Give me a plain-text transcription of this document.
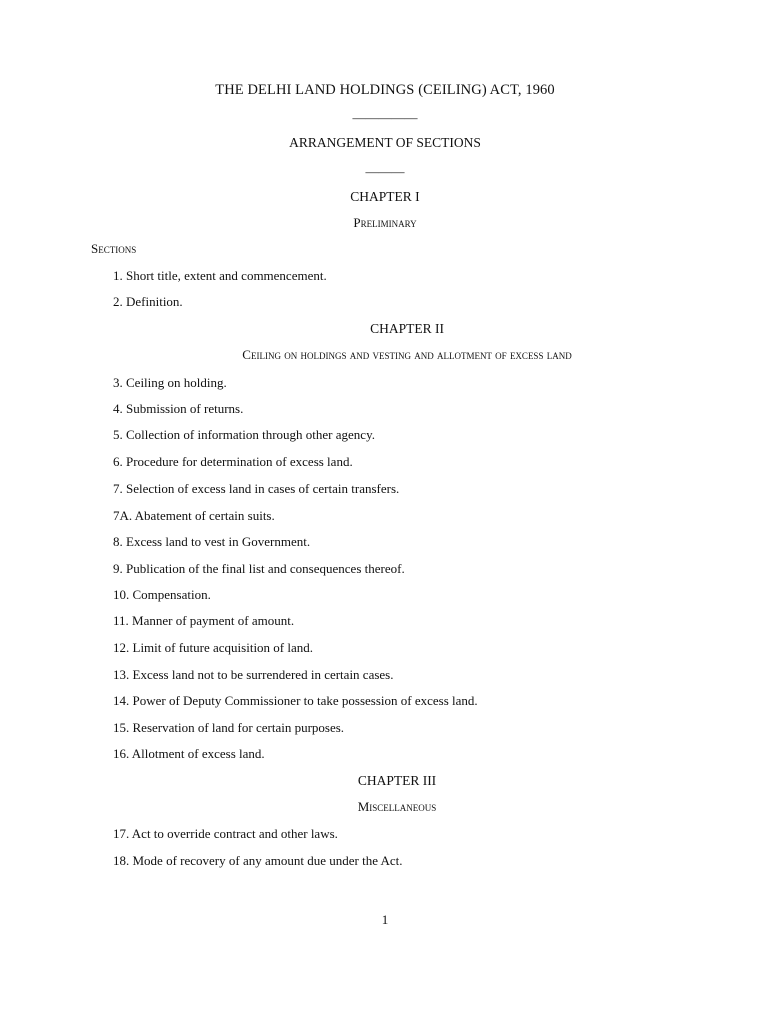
THE DELHI LAND HOLDINGS (CEILING) ACT, 1960
—————
ARRANGEMENT OF SECTIONS
———
CHAPTER I
Preliminary
Sections
1. Short title, extent and commencement.
2. Definition.
CHAPTER II
Ceiling on holdings and vesting and allotment of excess land
3. Ceiling on holding.
4. Submission of returns.
5. Collection of information through other agency.
6. Procedure for determination of excess land.
7. Selection of excess land in cases of certain transfers.
7A. Abatement of certain suits.
8. Excess land to vest in Government.
9. Publication of the final list and consequences thereof.
10. Compensation.
11. Manner of payment of amount.
12. Limit of future acquisition of land.
13. Excess land not to be surrendered in certain cases.
14. Power of Deputy Commissioner to take possession of excess land.
15. Reservation of land for certain purposes.
16. Allotment of excess land.
CHAPTER III
Miscellaneous
17. Act to override contract and other laws.
18. Mode of recovery of any amount due under the Act.
1
